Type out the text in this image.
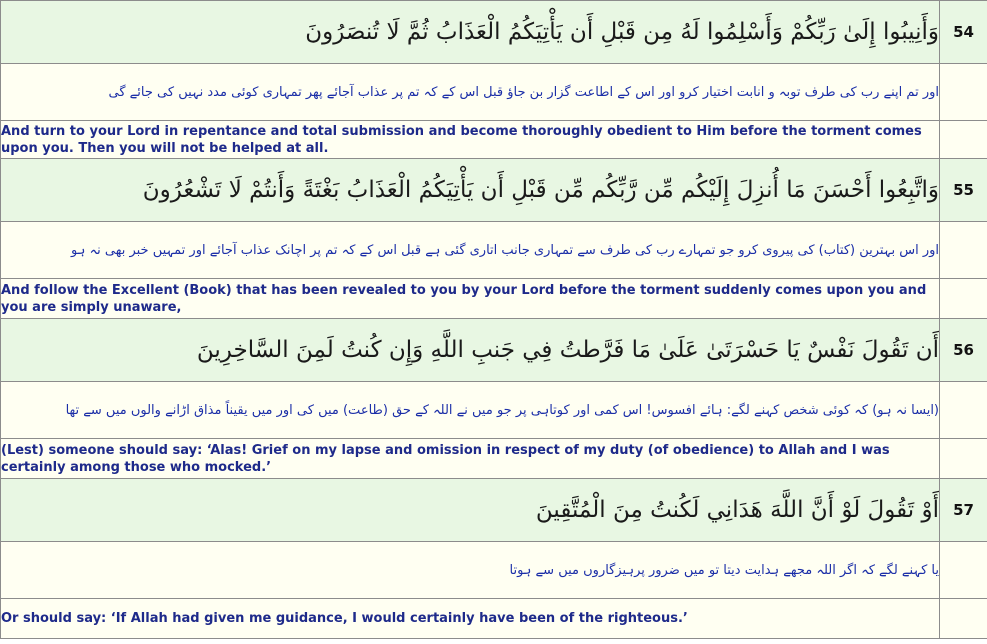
وَأَنِيبُوا إِلَىٰ رَبِّكُمْ وَأَسْلِمُوا لَهُ مِن قَبْلِ أَن يَأْتِيَكُمُ الْعَذَابُ ثُمَّ لَا تُنصَرُونَ	54
اور تم اپنے رب کی طرف توبہ و انابت اختیار کرو اور اس کے اطاعت گزار بن جاؤ قبل اس کے کہ تم پر عذاب آجائے پھر تمہاری کوئی مدد نہیں کی جائے گی	
And turn to your Lord in repentance and total submission and become thoroughly obedient to Him before the torment comes upon you. Then you will not be helped at all.	
وَاتَّبِعُوا أَحْسَنَ مَا أُنزِلَ إِلَيْكُم مِّن رَّبِّكُم مِّن قَبْلِ أَن يَأْتِيَكُمُ الْعَذَابُ بَغْتَةً وَأَنتُمْ لَا تَشْعُرُونَ	55
اور اس بہترین (کتاب) کی پیروی کرو جو تمہارے رب کی طرف سے تمہاری جانب اتاری گئی ہے قبل اس کے کہ تم پر اچانک عذاب آجائے اور تمہیں خبر بھی نہ ہو	
And follow the Excellent (Book) that has been revealed to you by your Lord before the torment suddenly comes upon you and you are simply unaware,	
أَن تَقُولَ نَفْسٌ يَا حَسْرَتَىٰ عَلَىٰ مَا فَرَّطتُ فِي جَنبِ اللَّهِ وَإِن كُنتُ لَمِنَ السَّاخِرِينَ	56
(ایسا نہ ہو) کہ کوئی شخص کہنے لگے: ہائے افسوس! اس کمی اور کوتاہی پر جو میں نے اللہ کے حق (طاعت) میں کی اور میں یقیناً مذاق اڑانے والوں میں سے تھا	
(Lest) someone should say: ‘Alas! Grief on my lapse and omission in respect of my duty (of obedience) to Allah and I was certainly among those who mocked.’	
أَوْ تَقُولَ لَوْ أَنَّ اللَّهَ هَدَانِي لَكُنتُ مِنَ الْمُتَّقِينَ	57
یا کہنے لگے کہ اگر اللہ مجھے ہدایت دیتا تو میں ضرور پرہیزگاروں میں سے ہوتا	
Or should say: ‘If Allah had given me guidance, I would certainly have been of the righteous.’	
